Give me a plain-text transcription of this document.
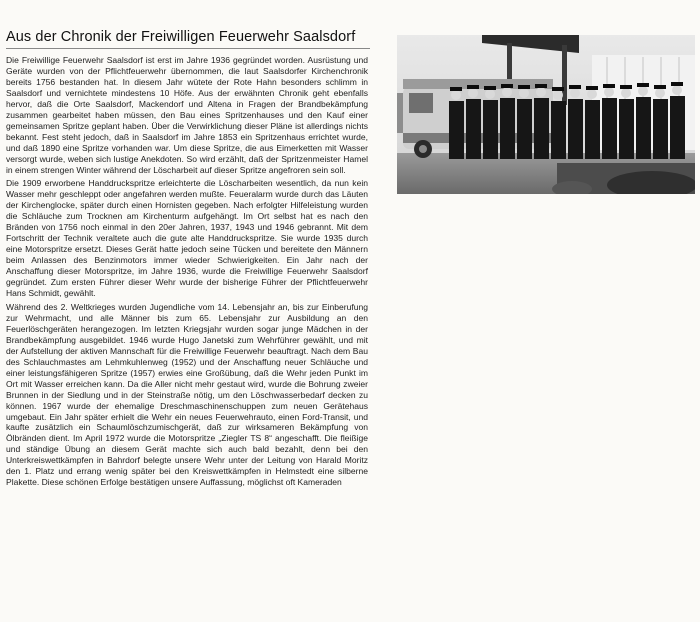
Aus der Chronik der Freiwilligen Feuerwehr Saalsdorf

Die Freiwillige Feuerwehr Saalsdorf ist erst im Jahre 1936 gegründet worden. Ausrüstung und Geräte wurden von der Pflichtfeuerwehr übernommen, die laut Saalsdorfer Kirchenchronik bereits 1756 bestanden hat. In diesem Jahr wütete der Rote Hahn besonders schlimm in Saalsdorf und vernichtete mindestens 10 Höfe. Aus der erwähnten Chronik geht ebenfalls hervor, daß die Orte Saalsdorf, Mackendorf und Altena in Fragen der Brandbekämpfung zusammen gearbeitet haben müssen, den Bau eines Spritzenhauses und den Kauf einer gemeinsamen Spritze geplant haben. Über die Verwirklichung dieser Pläne ist allerdings nichts bekannt. Fest steht jedoch, daß in Saalsdorf im Jahre 1853 ein Spritzenhaus errichtet wurde, und daß 1890 eine Spritze vorhanden war. Um diese Spritze, die aus Eimerketten mit Wasser versorgt wurde, weben sich lustige Anekdoten. So wird erzählt, daß der Spritzenmeister Hamel in einem strengen Winter während der Löscharbeit auf dieser Spritze angefroren sein soll.

Die 1909 erworbene Handdruckspritze erleichterte die Löscharbeiten wesentlich, da nun kein Wasser mehr geschleppt oder angefahren werden mußte. Feueralarm wurde durch das Läuten der Kirchenglocke, später durch einen Hornisten gegeben. Nach erfolgter Hilfeleistung wurden die Schläuche zum Trocknen am Kirchenturm aufgehängt. Im Ort selbst hat es nach den Bränden von 1756 noch einmal in den 20er Jahren, 1937, 1943 und 1946 gebrannt. Mit dem Fortschritt der Technik veraltete auch die gute alte Handdruckspritze. Sie wurde 1935 durch eine Motorspritze ersetzt. Dieses Gerät hatte jedoch seine Tücken und bereitete den Männern beim Anlassen des Benzinmotors immer wieder Schwierigkeiten. Ein Jahr nach der Anschaffung dieser Motorspritze, im Jahre 1936, wurde die Freiwillige Feuerwehr Saalsdorf gegründet. Zum ersten Führer dieser Wehr wurde der bisherige Führer der Pflichtfeuerwehr Hans Schmidt, gewählt.

Während des 2. Weltkrieges wurden Jugendliche vom 14. Lebensjahr an, bis zur Einberufung zur Wehrmacht, und alle Männer bis zum 65. Lebensjahr zur Ausbildung an den Feuerlöschgeräten herangezogen. Im letzten Kriegsjahr wurden sogar junge Mädchen in der Brandbekämpfung ausgebildet. 1946 wurde Hugo Janetski zum Wehrführer gewählt, und mit der Aufstellung der aktiven Mannschaft für die Freiwillige Feuerwehr beauftragt. Nach dem Bau des Schlauchmastes am Lehmkuhlenweg (1952) und der Anschaffung neuer Schläuche und einer leistungsfähigeren Spritze (1957) erwies eine Großübung, daß die Wehr jeden Punkt im Ort mit Wasser erreichen kann. Da die Aller nicht mehr gestaut wird, wurde die Bohrung zweier Brunnen in der Siedlung und in der Steinstraße nötig, um den Löschwasserbedarf decken zu können. 1967 wurde der ehemalige Dreschmaschinenschuppen zum neuen Gerätehaus umgebaut. Ein Jahr später erhielt die Wehr ein neues Feuerwehrauto, einen Ford-Transit, und kaufte zusätzlich ein Schaumlöschzumischgerät, daß zur wirksameren Bekämpfung von Ölbränden dient. Im April 1972 wurde die Motorspritze „Ziegler TS 8“ angeschafft. Die fleißige und ständige Übung an diesem Gerät machte sich auch bald bezahlt, denn bei den Unterkreiswettkämpfen in Bahrdorf belegte unsere Wehr unter der Leitung von Harald Moritz den 1. Platz und errang wenig später bei den Kreiswettkämpfen in Helmstedt eine silberne Plakette. Diese schönen Erfolge bestätigen unsere Auffassung, möglichst oft Kameraden
